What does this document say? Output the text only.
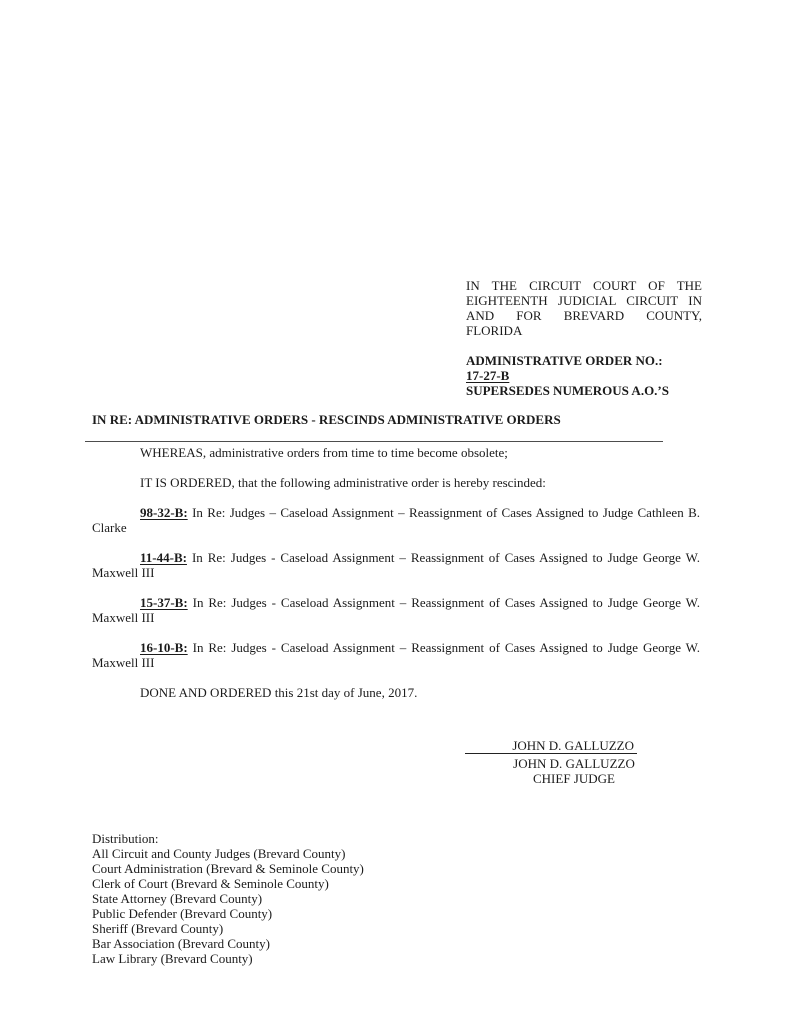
IN THE CIRCUIT COURT OF THE
EIGHTEENTH JUDICIAL CIRCUIT IN
AND FOR BREVARD COUNTY,
FLORIDA
ADMINISTRATIVE ORDER NO.:
17-27-B
SUPERSEDES NUMEROUS A.O.’S
IN RE: ADMINISTRATIVE ORDERS - RESCINDS ADMINISTRATIVE ORDERS

WHEREAS, administrative orders from time to time become obsolete;

IT IS ORDERED, that the following administrative order is hereby rescinded:

98-32-B: In Re: Judges – Caseload Assignment – Reassignment of Cases Assigned to Judge Cathleen B.
Clarke
11-44-B: In Re: Judges - Caseload Assignment – Reassignment of Cases Assigned to Judge George W.
Maxwell III
15-37-B: In Re: Judges - Caseload Assignment – Reassignment of Cases Assigned to Judge George W.
Maxwell III
16-10-B: In Re: Judges - Caseload Assignment – Reassignment of Cases Assigned to Judge George W.
Maxwell III

DONE AND ORDERED this 21st day of June, 2017.

JOHN D. GALLUZZO
JOHN D. GALLUZZO
CHIEF JUDGE
Distribution:
All Circuit and County Judges (Brevard County)
Court Administration (Brevard & Seminole County)
Clerk of Court (Brevard & Seminole County)
State Attorney (Brevard County)
Public Defender (Brevard County)
Sheriff (Brevard County)
Bar Association (Brevard County)
Law Library (Brevard County)
